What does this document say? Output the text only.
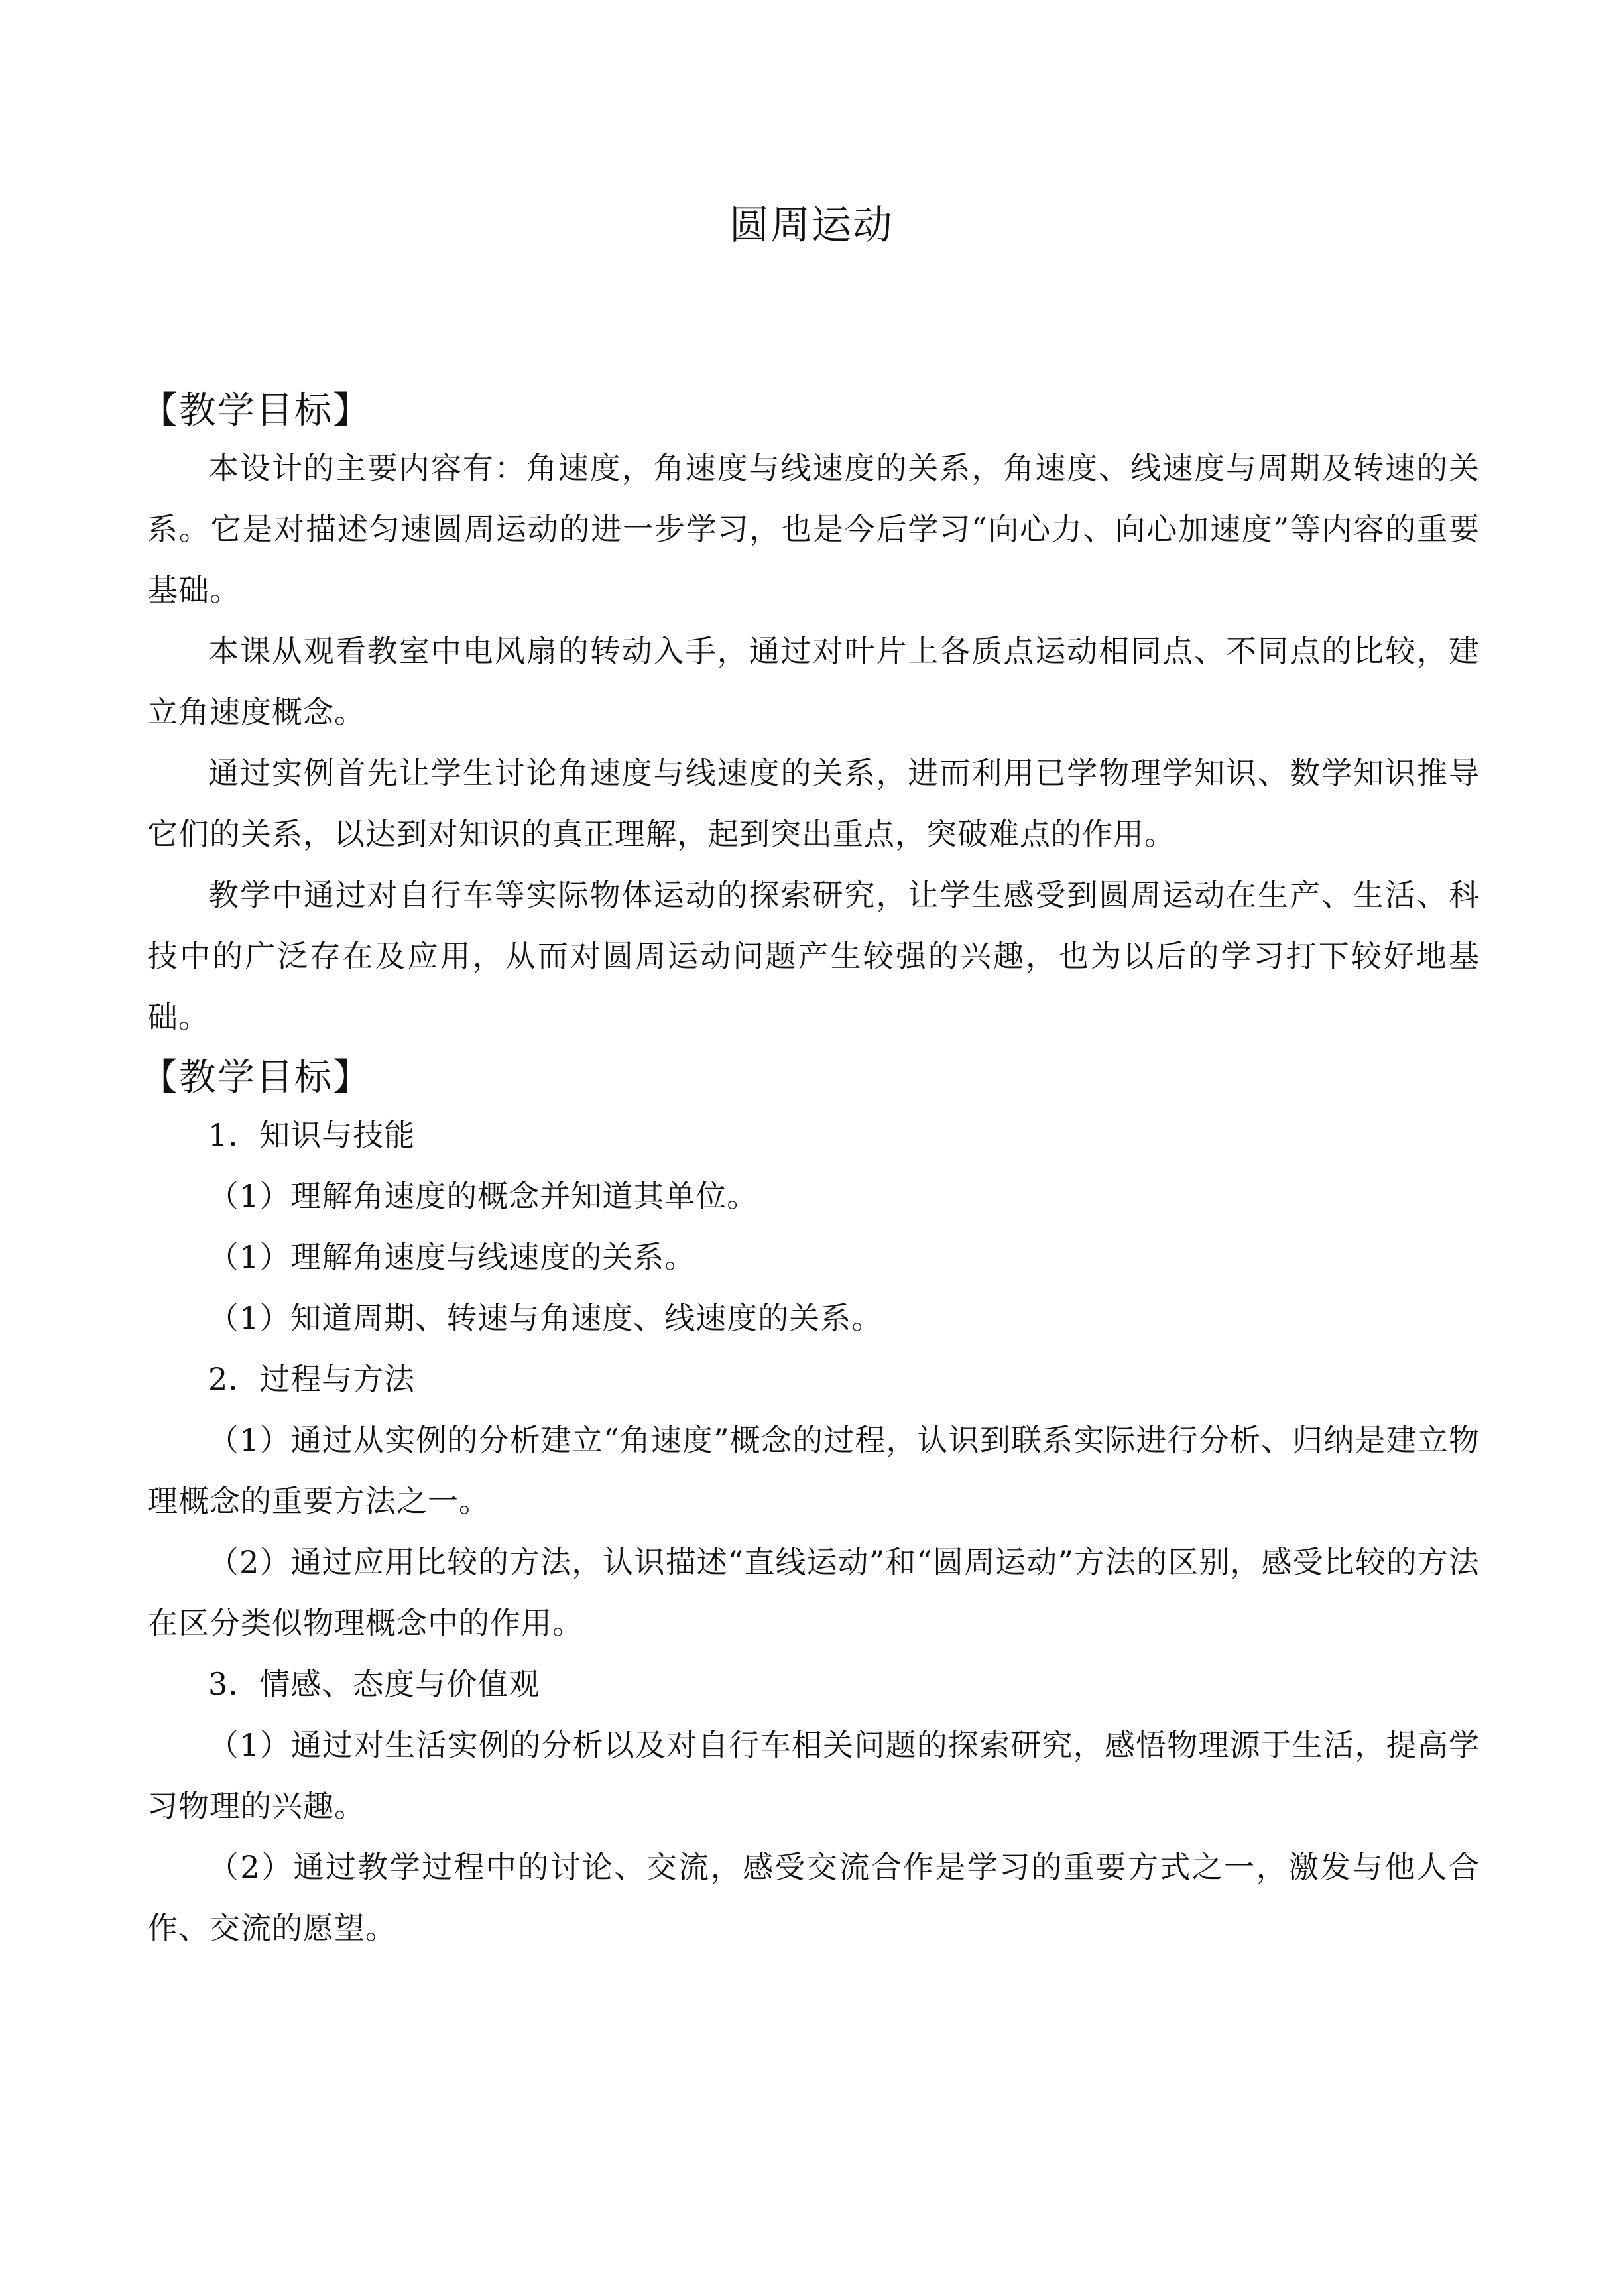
圆周运动
【教学目标】

本设计的主要内容有：角速度，角速度与线速度的关系，角速度、线速度与周期及转速的关系。它是对描述匀速圆周运动的进一步学习，也是今后学习“向心力、向心加速度”等内容的重要基础。

本课从观看教室中电风扇的转动入手，通过对叶片上各质点运动相同点、不同点的比较，建立角速度概念。

通过实例首先让学生讨论角速度与线速度的关系，进而利用已学物理学知识、数学知识推导它们的关系，以达到对知识的真正理解，起到突出重点，突破难点的作用。

教学中通过对自行车等实际物体运动的探索研究，让学生感受到圆周运动在生产、生活、科技中的广泛存在及应用，从而对圆周运动问题产生较强的兴趣，也为以后的学习打下较好地基础。

【教学目标】

1．知识与技能

（1）理解角速度的概念并知道其单位。

（1）理解角速度与线速度的关系。

（1）知道周期、转速与角速度、线速度的关系。

2．过程与方法

（1）通过从实例的分析建立“角速度”概念的过程，认识到联系实际进行分析、归纳是建立物理概念的重要方法之一。

（2）通过应用比较的方法，认识描述“直线运动”和“圆周运动”方法的区别，感受比较的方法在区分类似物理概念中的作用。

3．情感、态度与价值观

（1）通过对生活实例的分析以及对自行车相关问题的探索研究，感悟物理源于生活，提高学习物理的兴趣。

（2）通过教学过程中的讨论、交流，感受交流合作是学习的重要方式之一，激发与他人合作、交流的愿望。
